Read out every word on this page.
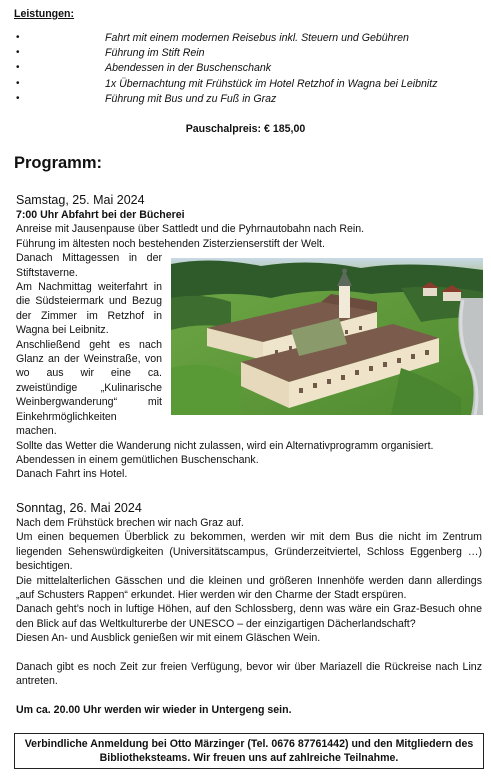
Leistungen:
•	Fahrt mit einem modernen Reisebus inkl. Steuern und Gebühren
•	Führung im Stift Rein
•	Abendessen in der Buschenschank
•	1x Übernachtung mit Frühstück im Hotel Retzhof in Wagna bei Leibnitz
•	Führung mit Bus und zu Fuß in Graz
Pauschalpreis: € 185,00
Programm:
Samstag, 25. Mai 2024
7:00 Uhr Abfahrt bei der Bücherei
Anreise mit Jausenpause über Sattledt und die Pyhrnautobahn nach Rein.
Führung im ältesten noch bestehenden Zisterzienserstift der Welt.
Danach Mittagessen in der
Stiftstaverne.
Am Nachmittag weiterfahrt in
die Südsteiermark und Bezug
der Zimmer im Retzhof in
Wagna bei Leibnitz.
Anschließend geht es nach
Glanz an der Weinstraße, von
wo aus wir eine ca.
zweistündige „Kulinarische
Weinbergwanderung“ mit
Einkehrmöglichkeiten
machen.
Sollte das Wetter die Wanderung nicht zulassen, wird ein Alternativprogramm organisiert.
Abendessen in einem gemütlichen Buschenschank.
Danach Fahrt ins Hotel.
Sonntag, 26. Mai 2024
Nach dem Frühstück brechen wir nach Graz auf.
Um einen bequemen Überblick zu bekommen, werden wir mit dem Bus die nicht im Zentrum
liegenden Sehenswürdigkeiten (Universitätscampus, Gründerzeitviertel, Schloss Eggenberg …)
besichtigen.
Die mittelalterlichen Gässchen und die kleinen und größeren Innenhöfe werden dann allerdings
„auf Schusters Rappen“ erkundet. Hier werden wir den Charme der Stadt erspüren.
Danach geht’s noch in luftige Höhen, auf den Schlossberg, denn was wäre ein Graz-Besuch ohne
den Blick auf das Weltkulturerbe der UNESCO – der einzigartigen Dächerlandschaft?
Diesen An- und Ausblick genießen wir mit einem Gläschen Wein.
Danach gibt es noch Zeit zur freien Verfügung, bevor wir über Mariazell die Rückreise nach Linz
antreten.
Um ca. 20.00 Uhr werden wir wieder in Untergeng sein.
Verbindliche Anmeldung bei Otto Märzinger (Tel. 0676 87761442) und den Mitgliedern des
Bibliotheksteams. Wir freuen uns auf zahlreiche Teilnahme.
